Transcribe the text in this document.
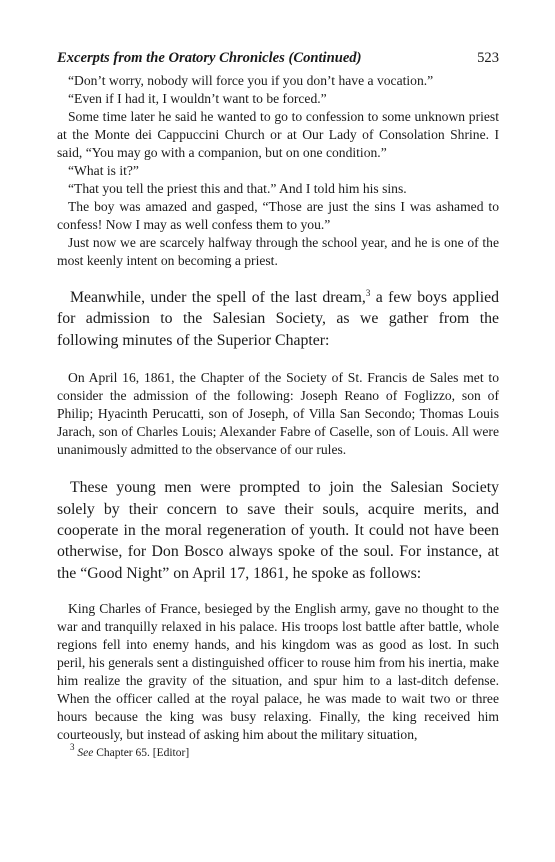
Excerpts from the Oratory Chronicles (Continued)	523

“Don’t worry, nobody will force you if you don’t have a vocation.”

“Even if I had it, I wouldn’t want to be forced.”

Some time later he said he wanted to go to confession to some unknown priest at the Monte dei Cappuccini Church or at Our Lady of Consolation Shrine. I said, “You may go with a companion, but on one condition.”

“What is it?”

“That you tell the priest this and that.” And I told him his sins.

The boy was amazed and gasped, “Those are just the sins I was ashamed to confess! Now I may as well confess them to you.”

Just now we are scarcely halfway through the school year, and he is one of the most keenly intent on becoming a priest.

Meanwhile, under the spell of the last dream,$^3$ a few boys applied for admission to the Salesian Society, as we gather from the following minutes of the Superior Chapter:

On April 16, 1861, the Chapter of the Society of St. Francis de Sales met to consider the admission of the following: Joseph Reano of Foglizzo, son of Philip; Hyacinth Perucatti, son of Joseph, of Villa San Secondo; Thomas Louis Jarach, son of Charles Louis; Alexander Fabre of Caselle, son of Louis. All were unanimously admitted to the observance of our rules.

These young men were prompted to join the Salesian Society solely by their concern to save their souls, acquire merits, and cooperate in the moral regeneration of youth. It could not have been otherwise, for Don Bosco always spoke of the soul. For instance, at the “Good Night” on April 17, 1861, he spoke as follows:

King Charles of France, besieged by the English army, gave no thought to the war and tranquilly relaxed in his palace. His troops lost battle after battle, whole regions fell into enemy hands, and his kingdom was as good as lost. In such peril, his generals sent a distinguished officer to rouse him from his inertia, make him realize the gravity of the situation, and spur him to a last-ditch defense. When the officer called at the royal palace, he was made to wait two or three hours because the king was busy relaxing. Finally, the king received him courteously, but instead of asking him about the military situation,

$^3$ See Chapter 65. [Editor]
